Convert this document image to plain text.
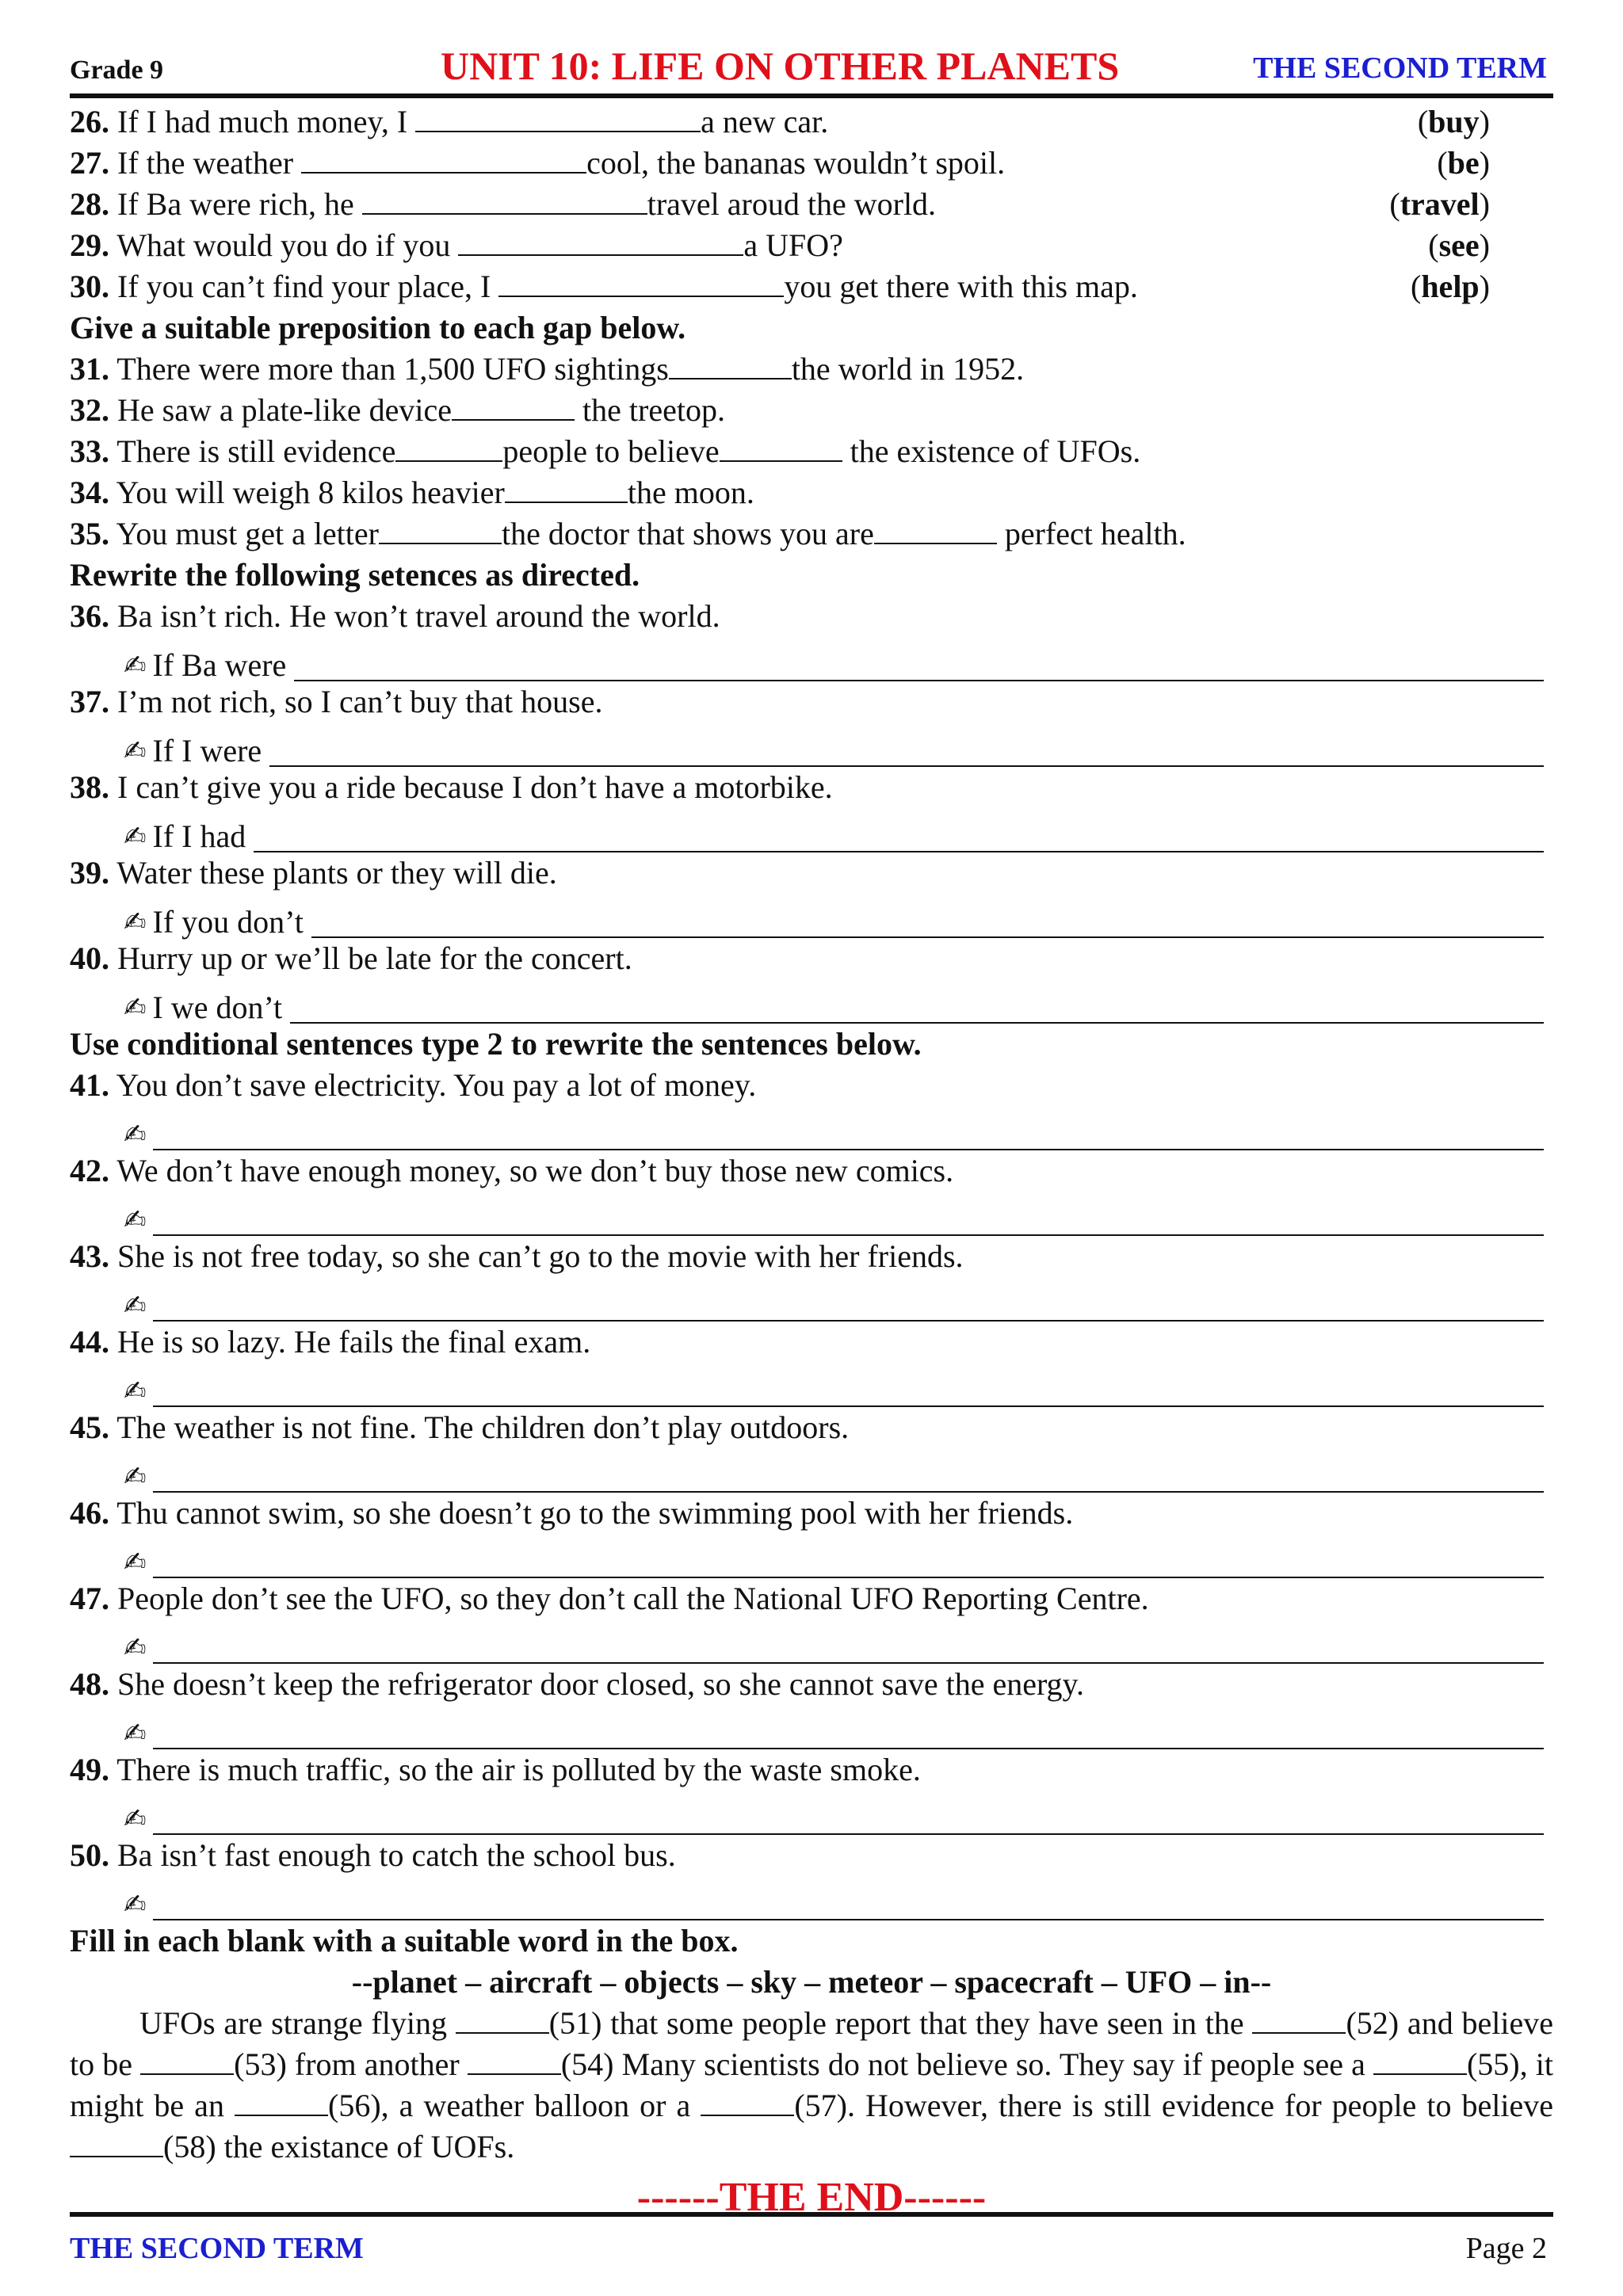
Grade 9	UNIT 10: LIFE ON OTHER PLANETS	THE SECOND TERM
26. If I had much money, I	a new car.	(buy)
27. If the weather	cool, the bananas wouldn’t spoil.	(be)
28. If Ba were rich, he	travel aroud the world.	(travel)
29. What would you do if you	a UFO?	(see)
30. If you can’t find your place, I	you get there with this map.	(help)
Give a suitable preposition to each gap below.
31. There were more than 1,500 UFO sightings	the world in 1952.
32. He saw a plate-like device	the treetop.
33. There is still evidence	people to believe	the existence of UFOs.
34. You will weigh 8 kilos heavier	the moon.
35. You must get a letter	the doctor that shows you are	perfect health.
Rewrite the following setences as directed.
36. Ba isn’t rich. He won’t travel around the world.
✍ If Ba were
37. I’m not rich, so I can’t buy that house.
✍ If I were
38. I can’t give you a ride because I don’t have a motorbike.
✍ If I had
39. Water these plants or they will die.
✍ If you don’t
40. Hurry up or we’ll be late for the concert.
✍ I we don’t
Use conditional sentences type 2 to rewrite the sentences below.
41. You don’t save electricity. You pay a lot of money.
✍
42. We don’t have enough money, so we don’t buy those new comics.
✍
43. She is not free today, so she can’t go to the movie with her friends.
✍
44. He is so lazy. He fails the final exam.
✍
45. The weather is not fine. The children don’t play outdoors.
✍
46. Thu cannot swim, so she doesn’t go to the swimming pool with her friends.
✍
47. People don’t see the UFO, so they don’t call the National UFO Reporting Centre.
✍
48. She doesn’t keep the refrigerator door closed, so she cannot save the energy.
✍
49. There is much traffic, so the air is polluted by the waste smoke.
✍
50. Ba isn’t fast enough to catch the school bus.
✍
Fill in each blank with a suitable word in the box.
--planet – aircraft – objects – sky – meteor – spacecraft – UFO – in--
UFOs are strange flying	(51) that some people report that they have seen in the	(52) and believe to be	(53) from another	(54) Many scientists do not believe so. They say if people see a	(55), it might be an	(56), a weather balloon or a	(57). However, there is still evidence for people to believe (58) the existance of UOFs.
------THE END------
THE SECOND TERM	Page 2
